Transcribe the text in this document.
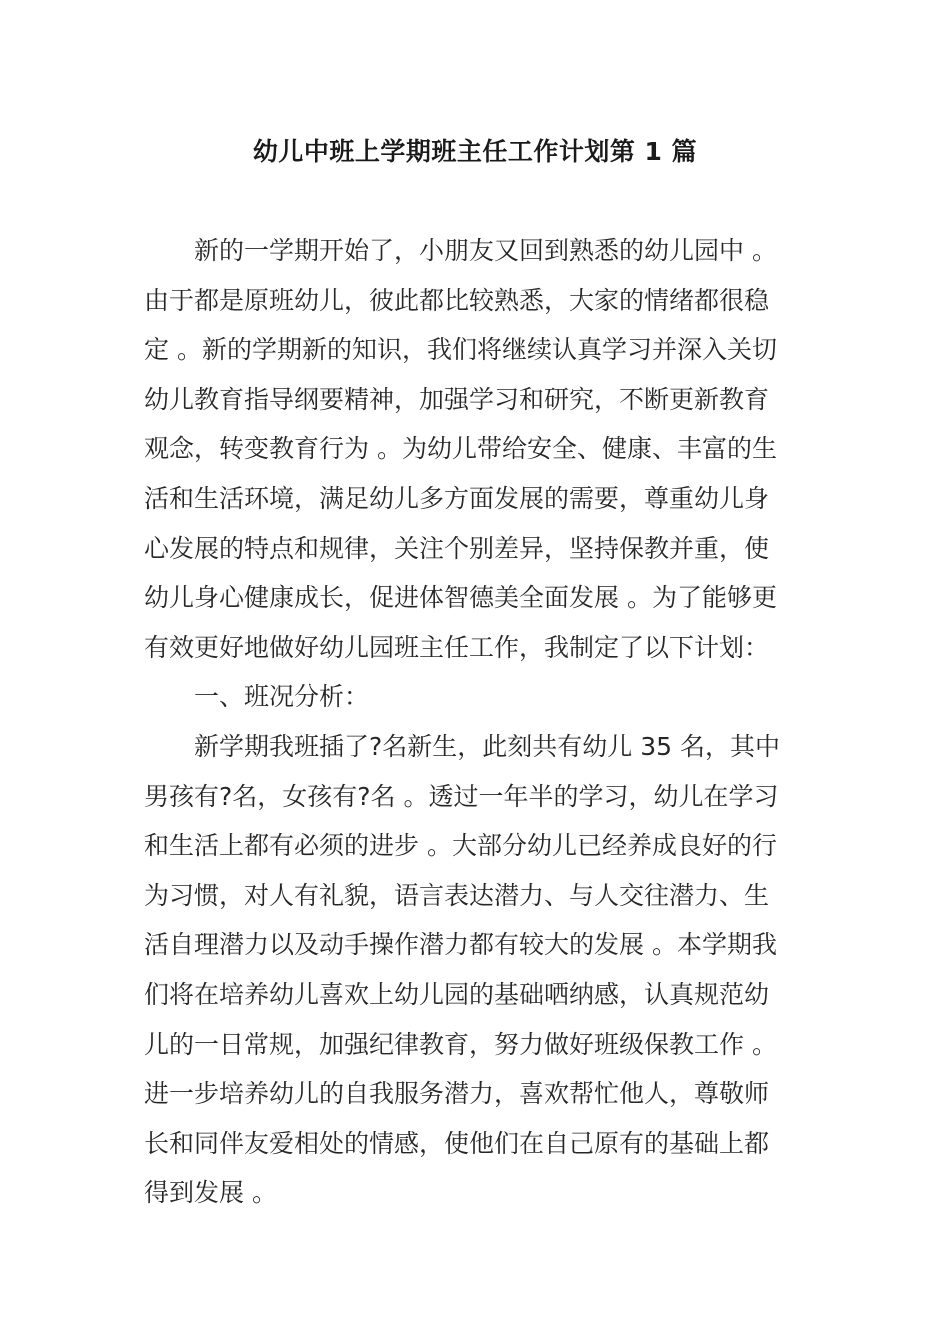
幼儿中班上学期班主任工作计划第 1 篇
新的一学期开始了，小朋友又回到熟悉的幼儿园中 。
由于都是原班幼儿，彼此都比较熟悉，大家的情绪都很稳
定 。新的学期新的知识，我们将继续认真学习并深入关切
幼儿教育指导纲要精神，加强学习和研究，不断更新教育
观念，转变教育行为 。为幼儿带给安全、健康、丰富的生
活和生活环境，满足幼儿多方面发展的需要，尊重幼儿身
心发展的特点和规律，关注个别差异，坚持保教并重，使
幼儿身心健康成长，促进体智德美全面发展 。为了能够更
有效更好地做好幼儿园班主任工作，我制定了以下计划：
一、班况分析：
新学期我班插了?名新生，此刻共有幼儿 35 名，其中
男孩有?名，女孩有?名 。透过一年半的学习，幼儿在学习
和生活上都有必须的进步 。大部分幼儿已经养成良好的行
为习惯，对人有礼貌，语言表达潜力、与人交往潜力、生
活自理潜力以及动手操作潜力都有较大的发展 。本学期我
们将在培养幼儿喜欢上幼儿园的基础哂纳感，认真规范幼
儿的一日常规，加强纪律教育，努力做好班级保教工作 。
进一步培养幼儿的自我服务潜力，喜欢帮忙他人，尊敬师
长和同伴友爱相处的情感，使他们在自己原有的基础上都
得到发展 。
